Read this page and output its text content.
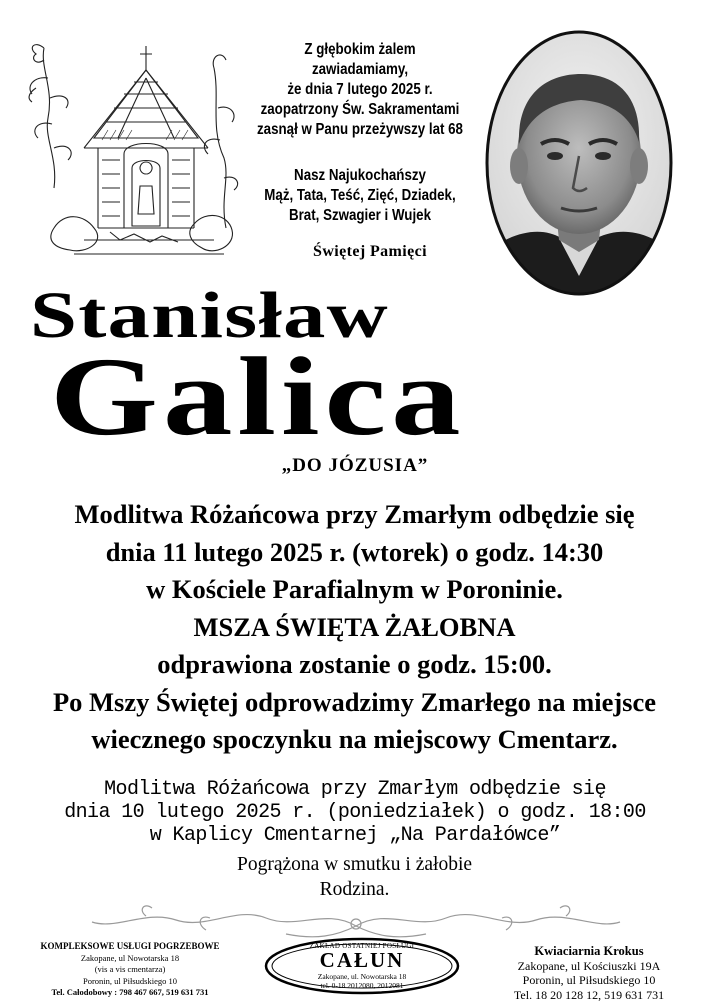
Z głębokim żalem zawiadamiamy,
że dnia 7 lutego 2025 r.
zaopatrzony Św. Sakramentami
zasnął w Panu przeżywszy lat 68
Nasz Najukochańszy
Mąż, Tata, Teść, Zięć, Dziadek,
Brat, Szwagier i Wujek
Świętej Pamięci
Stanisław
Galica
„DO JÓZUSIA”
Modlitwa Różańcowa przy Zmarłym odbędzie się
dnia 11 lutego 2025 r. (wtorek) o godz. 14:30
w Kościele Parafialnym w Poroninie.
MSZA ŚWIĘTA ŻAŁOBNA
odprawiona zostanie o godz. 15:00.
Po Mszy Świętej odprowadzimy Zmarłego na miejsce
wiecznego spoczynku na miejscowy Cmentarz.
Modlitwa Różańcowa przy Zmarłym odbędzie się
dnia 10 lutego 2025 r. (poniedziałek) o godz. 18:00
w Kaplicy Cmentarnej „Na Pardałówce”
Pogrążona w smutku i żałobie
Rodzina.
KOMPLEKSOWE USŁUGI POGRZEBOWE
Zakopane, ul Nowotarska 18
(vis a vis cmentarza)
Poronin, ul Piłsudskiego 10
Tel. Całodobowy : 798 467 667, 519 631 731
ZAKŁAD OSTATNIEJ POSŁUGI
CAŁUN
Zakopane, ul. Nowotarska 18
tel. 0-18 2012080, 2012081
Kwiaciarnia Krokus
Zakopane, ul Kościuszki 19A
Poronin, ul Piłsudskiego 10
Tel. 18 20 128 12, 519 631 731
